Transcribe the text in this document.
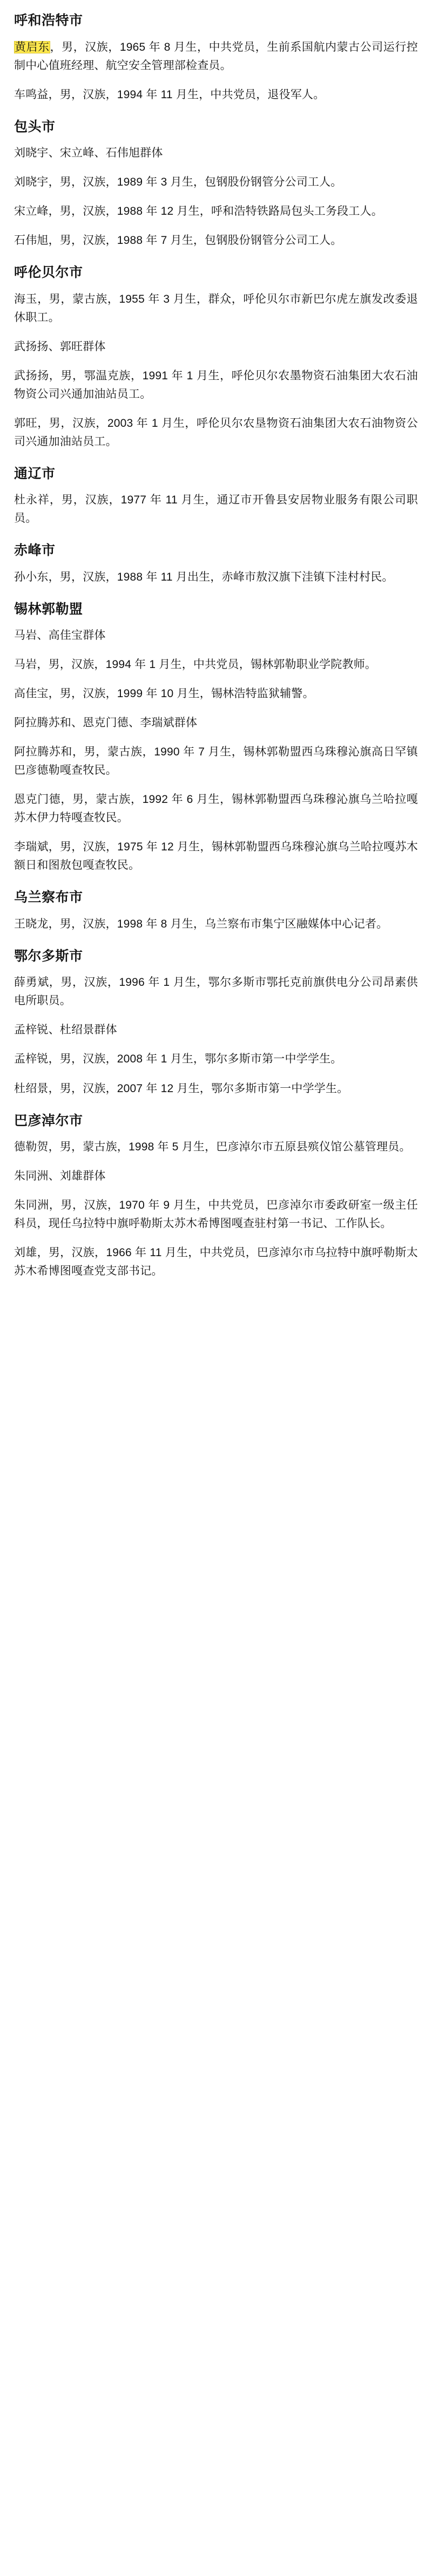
呼和浩特市
黄启东，男，汉族，1965 年 8 月生，中共党员，生前系国航内蒙古公司运行控制中心值班经理、航空安全管理部检查员。
车鸣益，男，汉族，1994 年 11 月生，中共党员，退役军人。
包头市
刘晓宇、宋立峰、石伟旭群体
刘晓宇，男，汉族，1989 年 3 月生，包钢股份钢管分公司工人。
宋立峰，男，汉族，1988 年 12 月生，呼和浩特铁路局包头工务段工人。
石伟旭，男，汉族，1988 年 7 月生，包钢股份钢管分公司工人。
呼伦贝尔市
海玉，男，蒙古族，1955 年 3 月生，群众，呼伦贝尔市新巴尔虎左旗发改委退休职工。
武扬扬、郭旺群体
武扬扬，男，鄂温克族，1991 年 1 月生，呼伦贝尔农墨物资石油集团大农石油物资公司兴通加油站员工。
郭旺，男，汉族，2003 年 1 月生，呼伦贝尔农垦物资石油集团大农石油物资公司兴通加油站员工。
通辽市
杜永祥，男，汉族，1977 年 11 月生，通辽市开鲁县安居物业服务有限公司职员。
赤峰市
孙小东，男，汉族，1988 年 11 月出生，赤峰市敖汉旗下洼镇下洼村村民。
锡林郭勒盟
马岩、高佳宝群体
马岩，男，汉族，1994 年 1 月生，中共党员，锡林郭勒职业学院教师。
高佳宝，男，汉族，1999 年 10 月生，锡林浩特监狱辅警。
阿拉腾苏和、恩克门德、李瑞斌群体
阿拉腾苏和，男，蒙古族，1990 年 7 月生，锡林郭勒盟西乌珠穆沁旗高日罕镇巴彦德勒嘎查牧民。
恩克门德，男，蒙古族，1992 年 6 月生，锡林郭勒盟西乌珠穆沁旗乌兰哈拉嘎苏木伊力特嘎查牧民。
李瑞斌，男，汉族，1975 年 12 月生，锡林郭勒盟西乌珠穆沁旗乌兰哈拉嘎苏木额日和图敖包嘎查牧民。
乌兰察布市
王晓龙，男，汉族，1998 年 8 月生，乌兰察布市集宁区融媒体中心记者。
鄂尔多斯市
薛勇斌，男，汉族，1996 年 1 月生，鄂尔多斯市鄂托克前旗供电分公司昂素供电所职员。
孟梓锐、杜绍景群体
孟梓锐，男，汉族，2008 年 1 月生，鄂尔多斯市第一中学学生。
杜绍景，男，汉族，2007 年 12 月生，鄂尔多斯市第一中学学生。
巴彦淖尔市
德勒贺，男，蒙古族，1998 年 5 月生，巴彦淖尔市五原县殡仪馆公墓管理员。
朱同洲、刘雄群体
朱同洲，男，汉族，1970 年 9 月生，中共党员，巴彦淖尔市委政研室一级主任科员，现任乌拉特中旗呼勒斯太苏木希博图嘎查驻村第一书记、工作队长。
刘雄，男，汉族，1966 年 11 月生，中共党员，巴彦淖尔市乌拉特中旗呼勒斯太苏木希博图嘎查党支部书记。
